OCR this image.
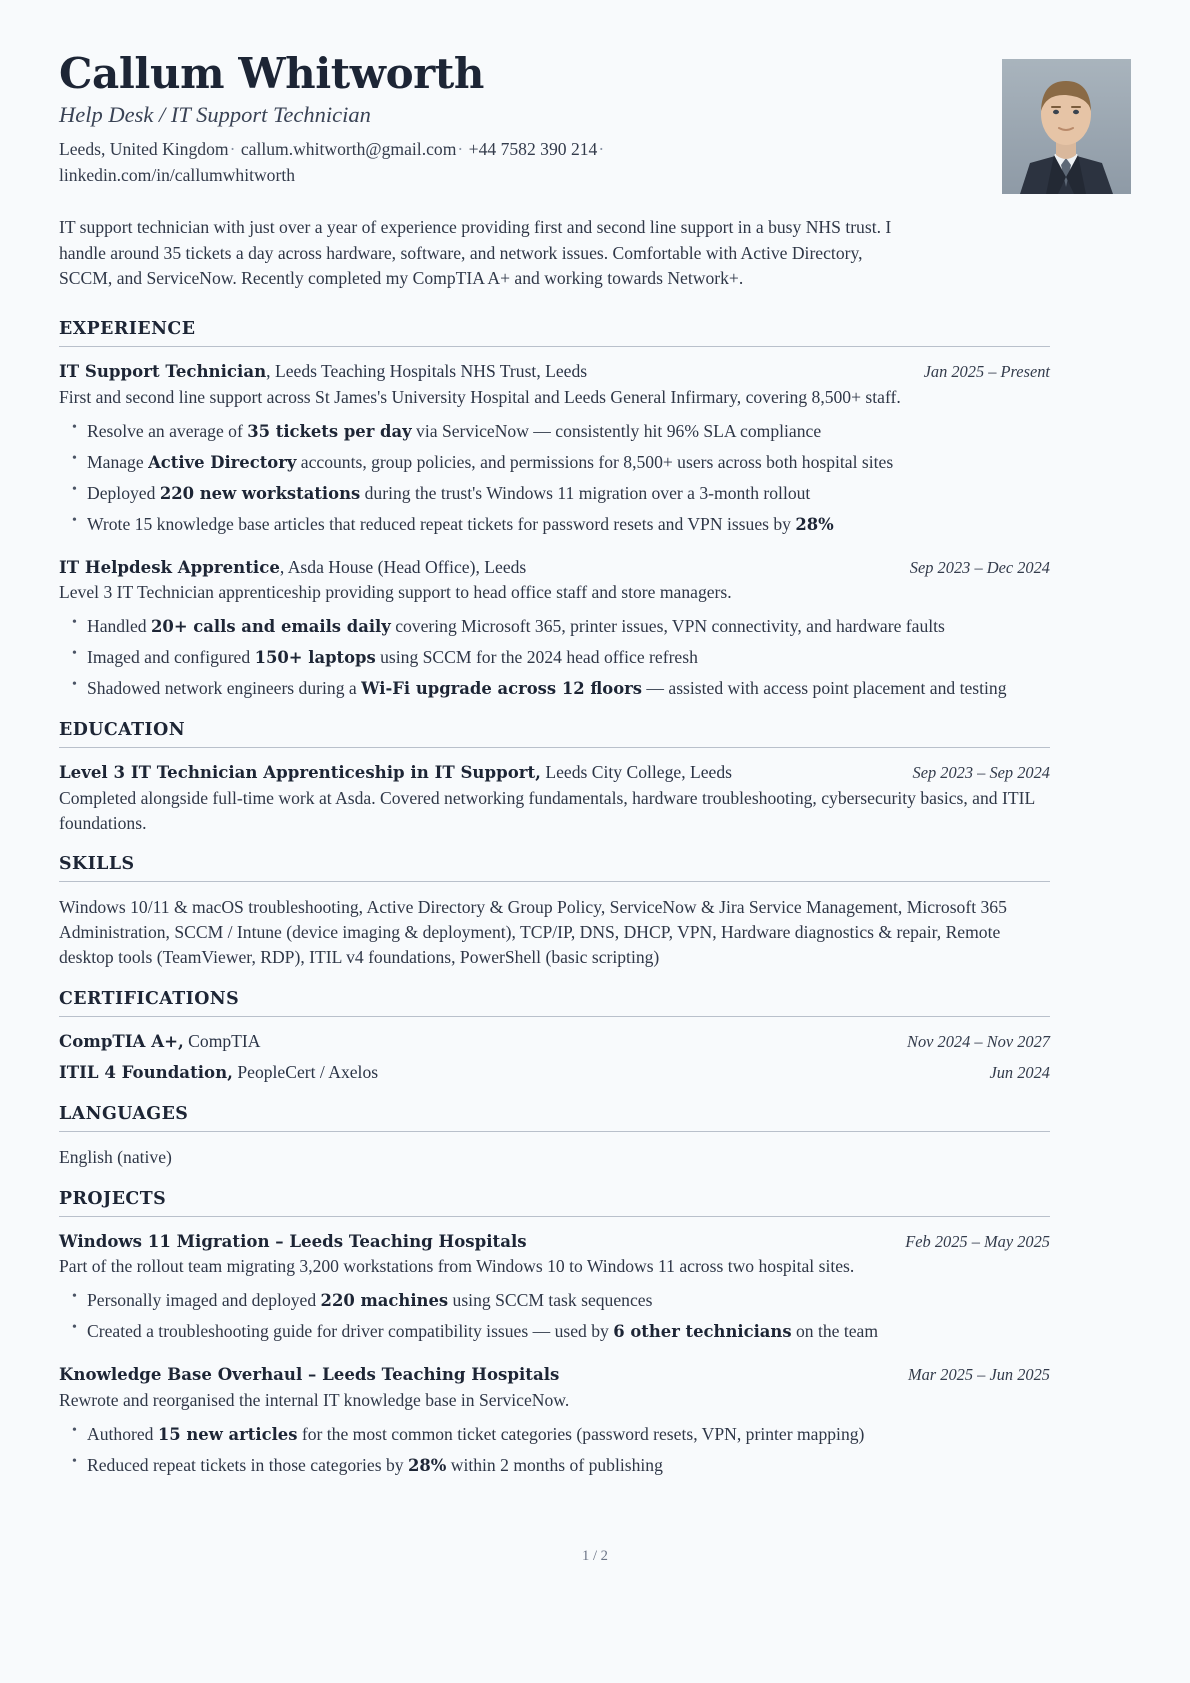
Callum Whitworth
Help Desk / IT Support Technician
Leeds, United Kingdom· callum.whitworth@gmail.com· +44 7582 390 214· linkedin.com/in/callumwhitworth

IT support technician with just over a year of experience providing first and second line support in a busy NHS trust. I handle around 35 tickets a day across hardware, software, and network issues. Comfortable with Active Directory, SCCM, and ServiceNow. Recently completed my CompTIA A+ and working towards Network+.

EXPERIENCE
IT Support Technician, Leeds Teaching Hospitals NHS Trust, Leeds	Jan 2025 – Present
First and second line support across St James's University Hospital and Leeds General Infirmary, covering 8,500+ staff.
• Resolve an average of 35 tickets per day via ServiceNow — consistently hit 96% SLA compliance
• Manage Active Directory accounts, group policies, and permissions for 8,500+ users across both hospital sites
• Deployed 220 new workstations during the trust's Windows 11 migration over a 3-month rollout
• Wrote 15 knowledge base articles that reduced repeat tickets for password resets and VPN issues by 28%
IT Helpdesk Apprentice, Asda House (Head Office), Leeds	Sep 2023 – Dec 2024
Level 3 IT Technician apprenticeship providing support to head office staff and store managers.
• Handled 20+ calls and emails daily covering Microsoft 365, printer issues, VPN connectivity, and hardware faults
• Imaged and configured 150+ laptops using SCCM for the 2024 head office refresh
• Shadowed network engineers during a Wi-Fi upgrade across 12 floors — assisted with access point placement and testing
EDUCATION
Level 3 IT Technician Apprenticeship in IT Support, Leeds City College, Leeds	Sep 2023 – Sep 2024
Completed alongside full-time work at Asda. Covered networking fundamentals, hardware troubleshooting, cybersecurity basics, and ITIL foundations.
SKILLS
Windows 10/11 & macOS troubleshooting, Active Directory & Group Policy, ServiceNow & Jira Service Management, Microsoft 365 Administration, SCCM / Intune (device imaging & deployment), TCP/IP, DNS, DHCP, VPN, Hardware diagnostics & repair, Remote desktop tools (TeamViewer, RDP), ITIL v4 foundations, PowerShell (basic scripting)
CERTIFICATIONS
CompTIA A+, CompTIA	Nov 2024 – Nov 2027
ITIL 4 Foundation, PeopleCert / Axelos	Jun 2024
LANGUAGES
English (native)
PROJECTS
Windows 11 Migration – Leeds Teaching Hospitals	Feb 2025 – May 2025
Part of the rollout team migrating 3,200 workstations from Windows 10 to Windows 11 across two hospital sites.
• Personally imaged and deployed 220 machines using SCCM task sequences
• Created a troubleshooting guide for driver compatibility issues — used by 6 other technicians on the team
Knowledge Base Overhaul – Leeds Teaching Hospitals	Mar 2025 – Jun 2025
Rewrote and reorganised the internal IT knowledge base in ServiceNow.
• Authored 15 new articles for the most common ticket categories (password resets, VPN, printer mapping)
• Reduced repeat tickets in those categories by 28% within 2 months of publishing
1 / 2
